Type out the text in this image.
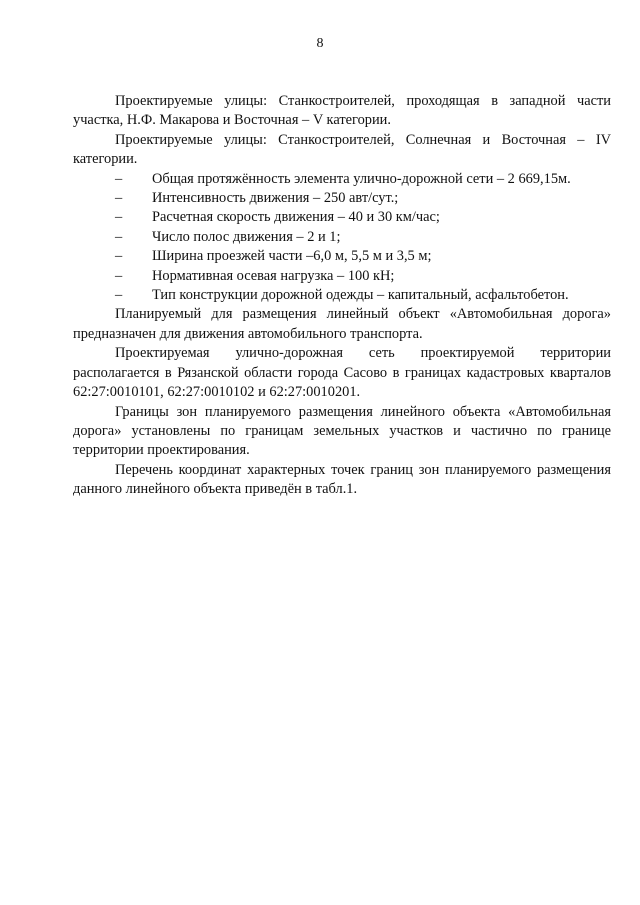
8

Проектируемые улицы: Станкостроителей, проходящая в западной части участка, Н.Ф. Макарова и Восточная – V категории.

Проектируемые улицы: Станкостроителей, Солнечная и Восточная – IV категории.

– Общая протяжённость элемента улично-дорожной сети – 2 669,15м.
– Интенсивность движения – 250 авт/сут.;
– Расчетная скорость движения – 40 и 30 км/час;
– Число полос движения – 2 и 1;
– Ширина проезжей части –6,0 м, 5,5 м и 3,5 м;
– Нормативная осевая нагрузка – 100 кН;
– Тип конструкции дорожной одежды – капитальный, асфальтобетон.

Планируемый для размещения линейный объект «Автомобильная дорога» предназначен для движения автомобильного транспорта.

Проектируемая улично-дорожная сеть проектируемой территории располагается в Рязанской области города Сасово в границах кадастровых кварталов 62:27:0010101, 62:27:0010102 и 62:27:0010201.

Границы зон планируемого размещения линейного объекта «Автомобильная дорога» установлены по границам земельных участков и частично по границе территории проектирования.

Перечень координат характерных точек границ зон планируемого размещения данного линейного объекта приведён в табл.1.
